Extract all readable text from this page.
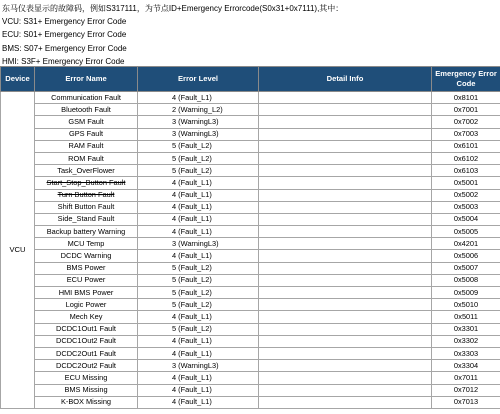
东马仪表显示的故障码，例如S317111，为节点ID+Emergency Errorcode(S0x31+0x7111),其中：
VCU: S31+ Emergency Error Code
ECU: S01+ Emergency Error Code
BMS: S07+ Emergency Error Code
HMI: S3F+ Emergency Error Code
Device	Error Name	Error Level	Detail Info	Emergency Error Code
VCU	Communication Fault	4 (Fault_L1)		0x8101
	Bluetooth Fault	2 (Warning_L2)		0x7001
	GSM Fault	3 (WarningL3)		0x7002
	GPS Fault	3 (WarningL3)		0x7003
	RAM Fault	5 (Fault_L2)		0x6101
	ROM Fault	5 (Fault_L2)		0x6102
	Task_OverFlower	5 (Fault_L2)		0x6103
	Start_Stop_Button Fault	4 (Fault_L1)		0x5001
	Turn Button Fault	4 (Fault_L1)		0x5002
	Shift Button Fault	4 (Fault_L1)		0x5003
	Side_Stand Fault	4 (Fault_L1)		0x5004
	Backup battery Warning	4 (Fault_L1)		0x5005
	MCU Temp	3 (WarningL3)		0x4201
	DCDC Warning	4 (Fault_L1)		0x5006
	BMS Power	5 (Fault_L2)		0x5007
	ECU Power	5 (Fault_L2)		0x5008
	HMI BMS Power	5 (Fault_L2)		0x5009
	Logic Power	5 (Fault_L2)		0x5010
	Mech Key	4 (Fault_L1)		0x5011
	DCDC1Out1 Fault	5 (Fault_L2)		0x3301
	DCDC1Out2 Fault	4 (Fault_L1)		0x3302
	DCDC2Out1 Fault	4 (Fault_L1)		0x3303
	DCDC2Out2 Fault	3 (WarningL3)		0x3304
	ECU Missing	4 (Fault_L1)		0x7011
	BMS Missing	4 (Fault_L1)		0x7012
	K-BOX Missing	4 (Fault_L1)		0x7013
